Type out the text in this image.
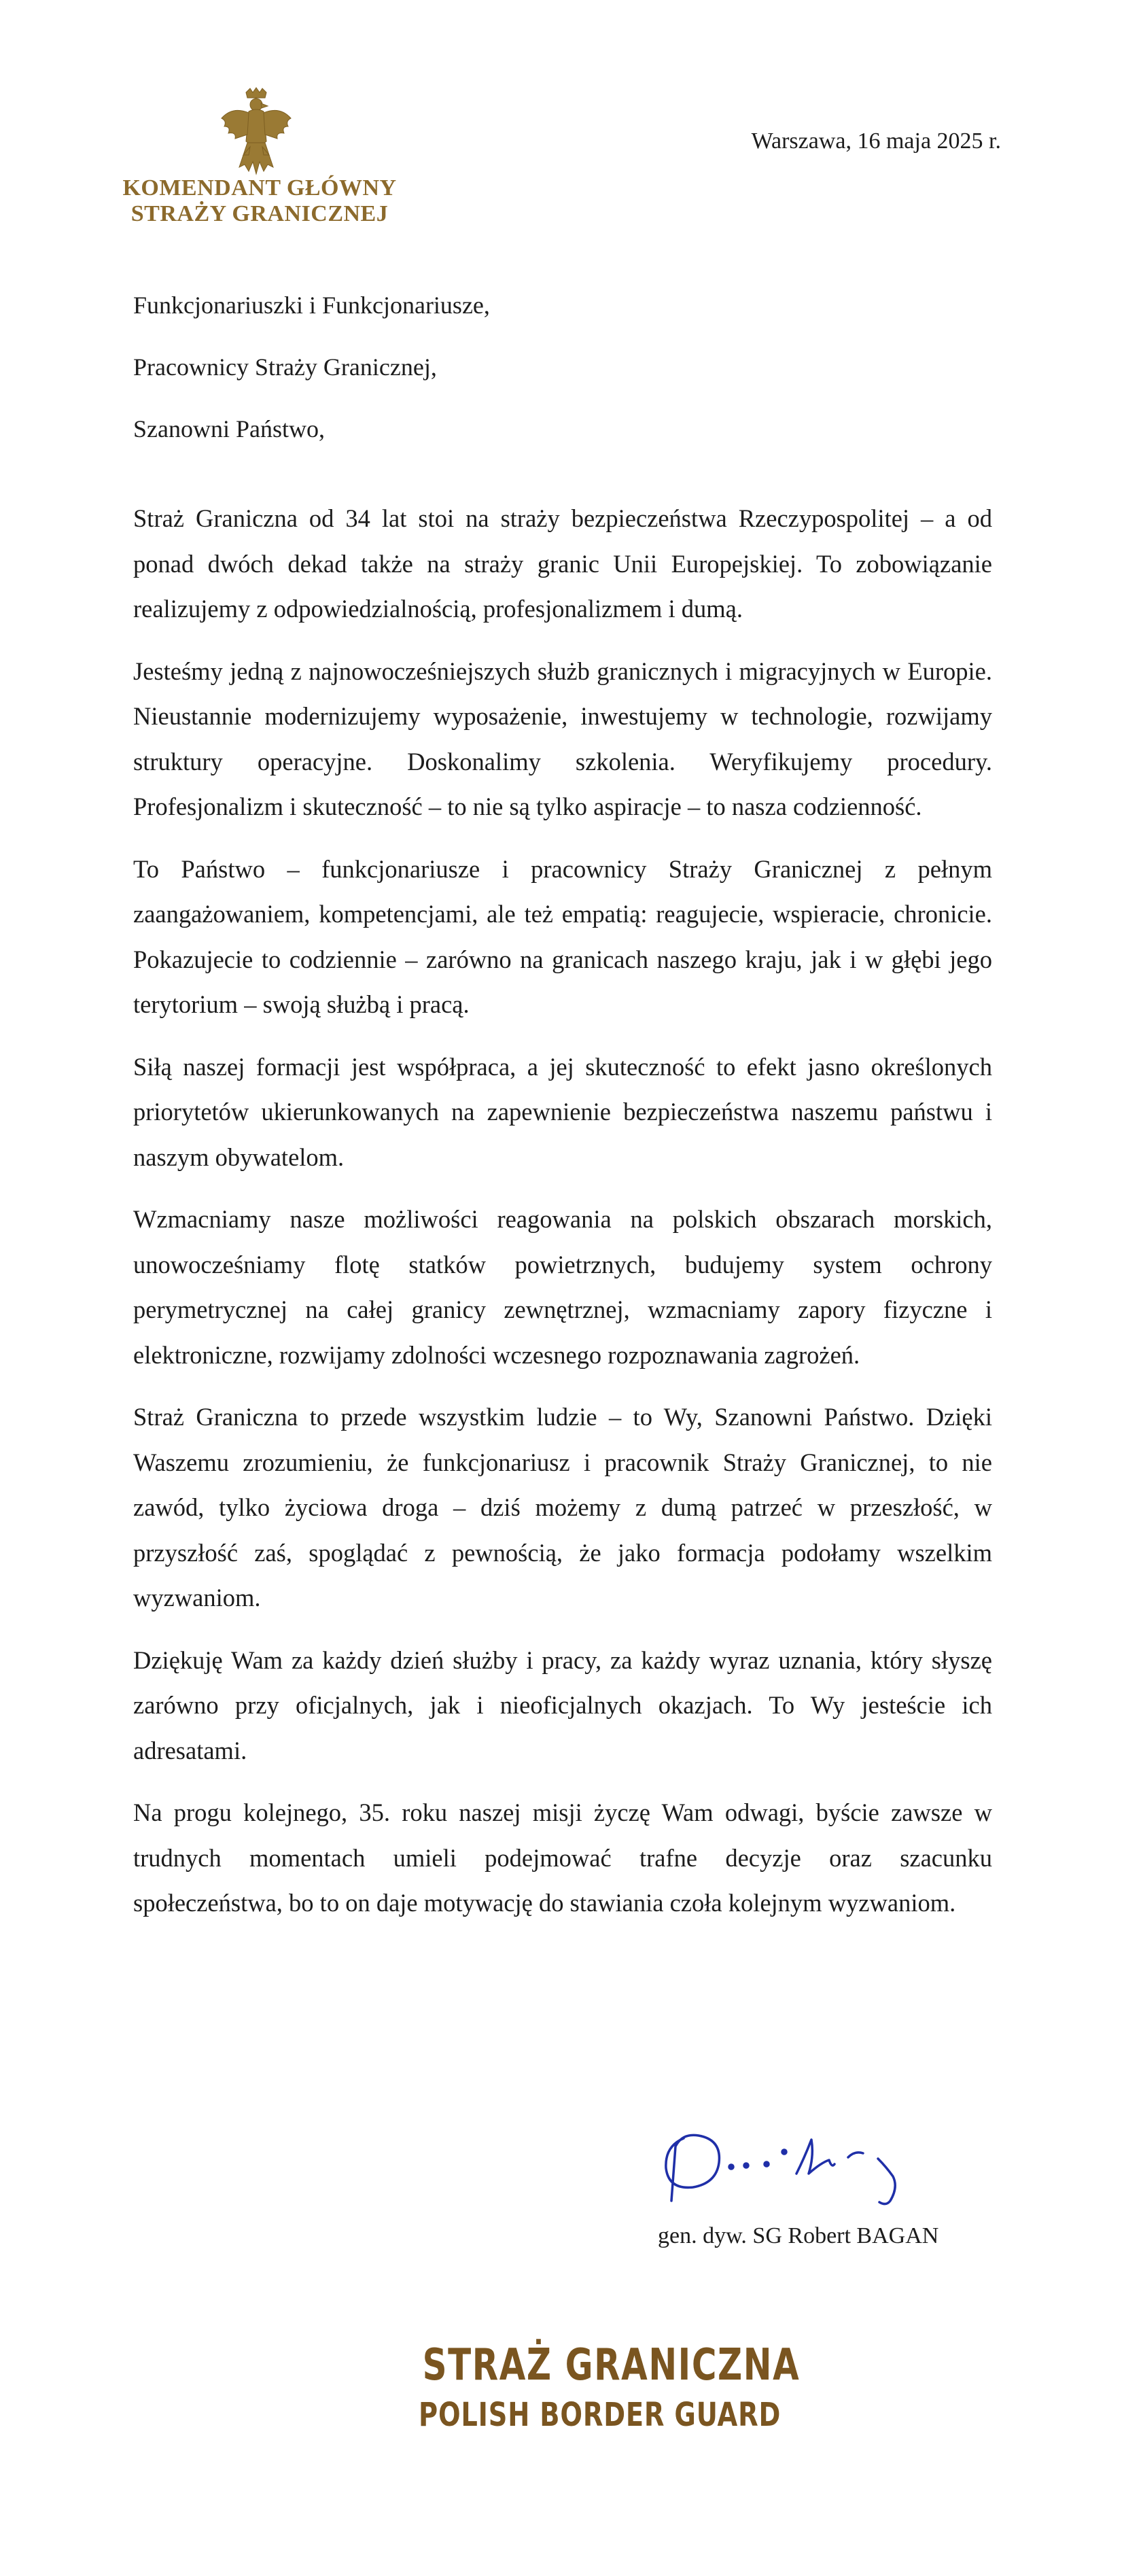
KOMENDANT GŁÓWNY
STRAŻY GRANICZNEJ
Warszawa, 16 maja 2025 r.
Funkcjonariuszki i Funkcjonariusze,
Pracownicy Straży Granicznej,
Szanowni Państwo,

Straż Graniczna od 34 lat stoi na straży bezpieczeństwa Rzeczypospolitej – a od ponad dwóch dekad także na straży granic Unii Europejskiej. To zobowiązanie realizujemy z odpowiedzialnością, profesjonalizmem i dumą.

Jesteśmy jedną z najnowocześniejszych służb granicznych i migracyjnych w Europie. Nieustannie modernizujemy wyposażenie, inwestujemy w technologie, rozwijamy struktury operacyjne. Doskonalimy szkolenia. Weryfikujemy procedury. Profesjonalizm i skuteczność – to nie są tylko aspiracje – to nasza codzienność.

To Państwo – funkcjonariusze i pracownicy Straży Granicznej z pełnym zaangażowaniem, kompetencjami, ale też empatią: reagujecie, wspieracie, chronicie. Pokazujecie to codziennie – zarówno na granicach naszego kraju, jak i w głębi jego terytorium – swoją służbą i pracą.

Siłą naszej formacji jest współpraca, a jej skuteczność to efekt jasno określonych priorytetów ukierunkowanych na zapewnienie bezpieczeństwa naszemu państwu i naszym obywatelom.

Wzmacniamy nasze możliwości reagowania na polskich obszarach morskich, unowocześniamy flotę statków powietrznych, budujemy system ochrony perymetrycznej na całej granicy zewnętrznej, wzmacniamy zapory fizyczne i elektroniczne, rozwijamy zdolności wczesnego rozpoznawania zagrożeń.

Straż Graniczna to przede wszystkim ludzie – to Wy, Szanowni Państwo. Dzięki Waszemu zrozumieniu, że funkcjonariusz i pracownik Straży Granicznej, to nie zawód, tylko życiowa droga – dziś możemy z dumą patrzeć w przeszłość, w przyszłość zaś, spoglądać z pewnością, że jako formacja podołamy wszelkim wyzwaniom.

Dziękuję Wam za każdy dzień służby i pracy, za każdy wyraz uznania, który słyszę zarówno przy oficjalnych, jak i nieoficjalnych okazjach. To Wy jesteście ich adresatami.

Na progu kolejnego, 35. roku naszej misji życzę Wam odwagi, byście zawsze w trudnych momentach umieli podejmować trafne decyzje oraz szacunku społeczeństwa, bo to on daje motywację do stawiania czoła kolejnym wyzwaniom.

gen. dyw. SG Robert BAGAN
STRAŻ GRANICZNA
POLISH BORDER GUARD
